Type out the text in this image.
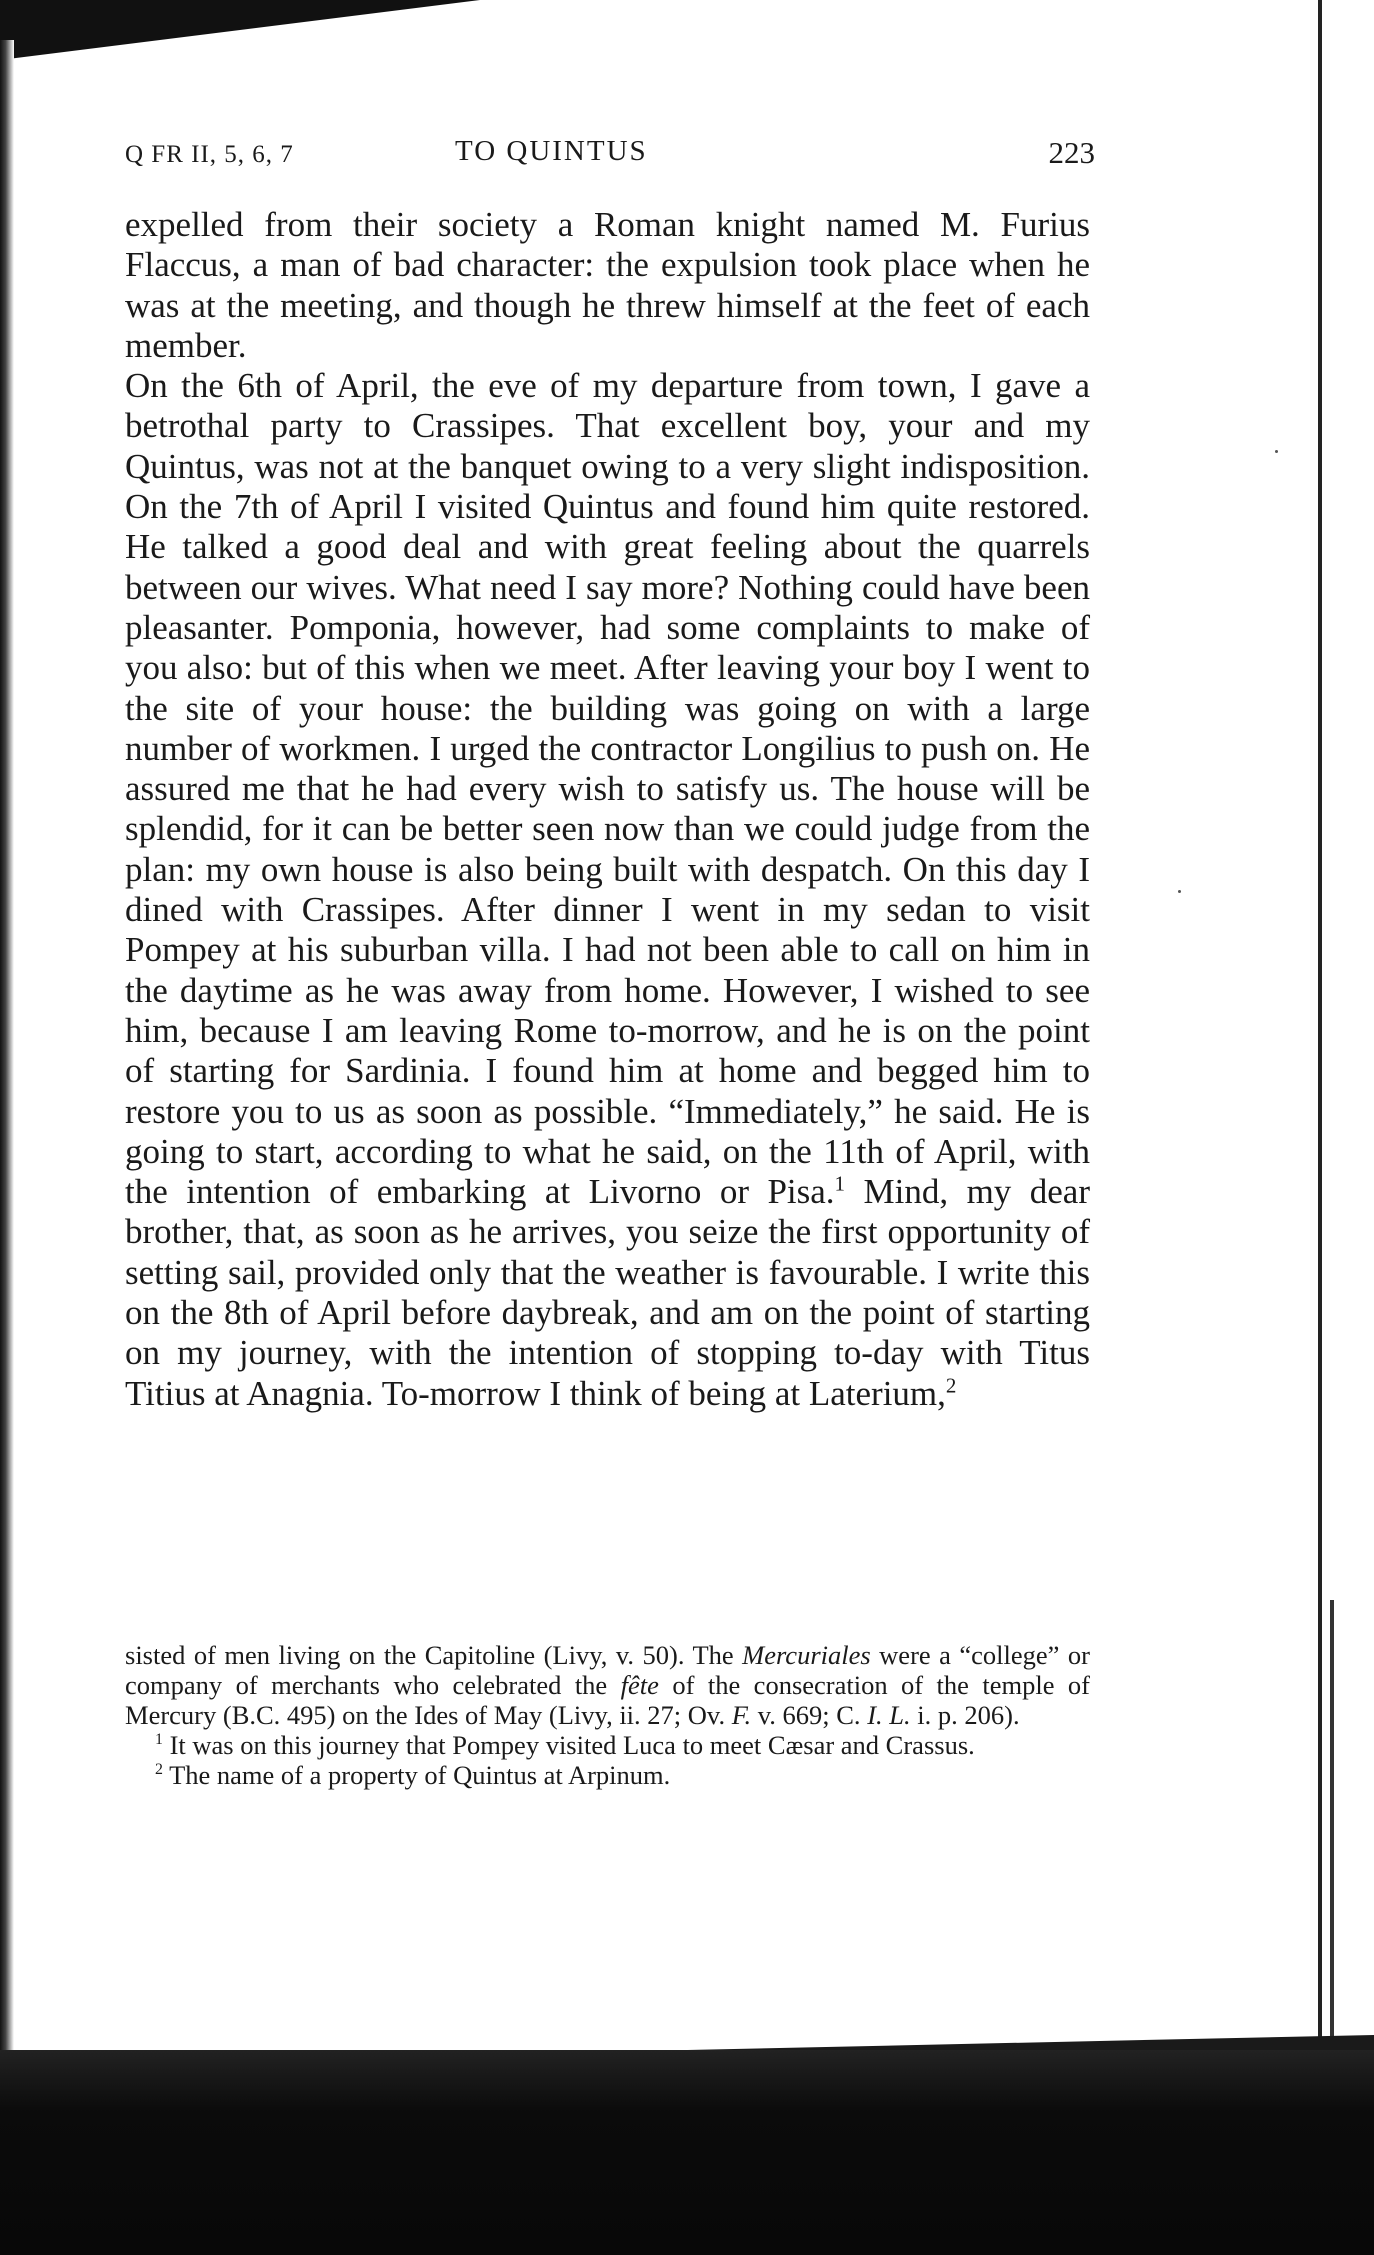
Q FR II, 5, 6, 7	TO QUINTUS	223

expelled from their society a Roman knight named M. Furius Flaccus, a man of bad character: the expulsion took place when he was at the meeting, and though he threw himself at the feet of each member.

On the 6th of April, the eve of my departure from town, I gave a betrothal party to Crassipes. That excellent boy, your and my Quintus, was not at the banquet owing to a very slight indisposition. On the 7th of April I visited Quintus and found him quite restored. He talked a good deal and with great feeling about the quarrels between our wives. What need I say more? Nothing could have been pleasanter. Pomponia, however, had some complaints to make of you also: but of this when we meet. After leaving your boy I went to the site of your house: the building was going on with a large number of workmen. I urged the contractor Longilius to push on. He assured me that he had every wish to satisfy us. The house will be splendid, for it can be better seen now than we could judge from the plan: my own house is also being built with despatch. On this day I dined with Crassipes. After dinner I went in my sedan to visit Pompey at his suburban villa. I had not been able to call on him in the daytime as he was away from home. However, I wished to see him, because I am leaving Rome to-morrow, and he is on the point of starting for Sardinia. I found him at home and begged him to restore you to us as soon as possible. “Immediately,” he said. He is going to start, according to what he said, on the 11th of April, with the intention of embarking at Livorno or Pisa.$^1$ Mind, my dear brother, that, as soon as he arrives, you seize the first opportunity of setting sail, provided only that the weather is favourable. I write this on the 8th of April before daybreak, and am on the point of starting on my journey, with the intention of stopping to-day with Titus Titius at Anagnia. To-morrow I think of being at Laterium,$^2$

sisted of men living on the Capitoline (Livy, v. 50). The Mercuriales were a “college” or company of merchants who celebrated the fête of the consecration of the temple of Mercury (B.C. 495) on the Ides of May (Livy, ii. 27; Ov. F. v. 669; C. I. L. i. p. 206).

$^1$ It was on this journey that Pompey visited Luca to meet Cæsar and Crassus.

$^2$ The name of a property of Quintus at Arpinum.
